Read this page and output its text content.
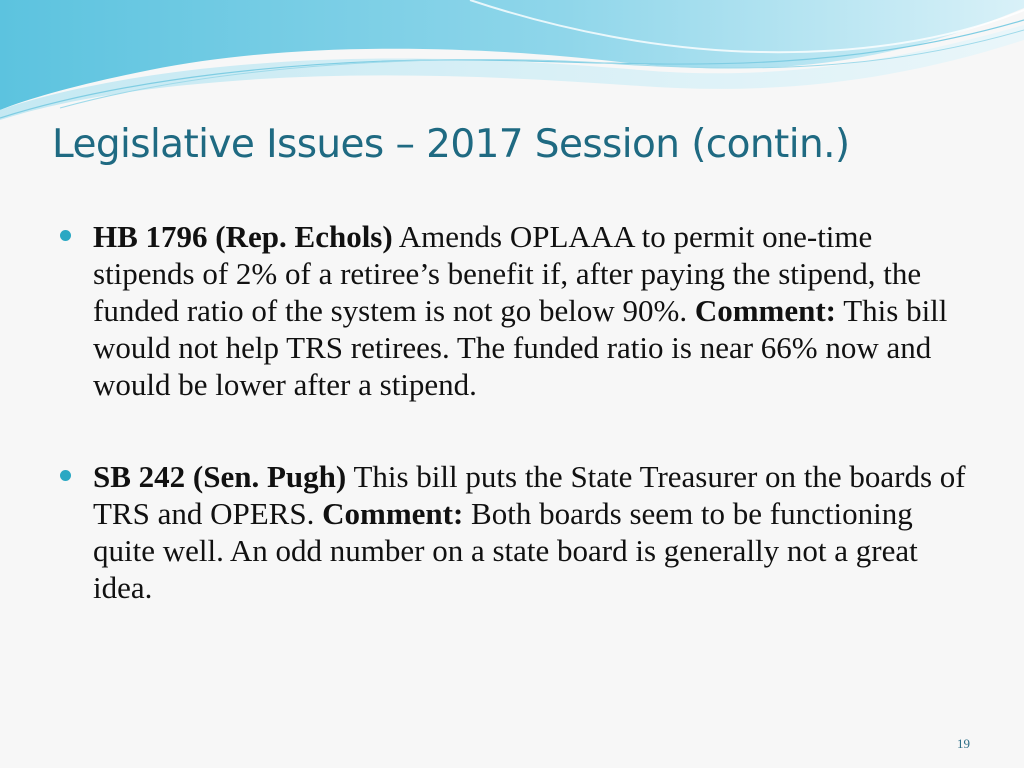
Legislative Issues – 2017 Session (contin.)
HB 1796 (Rep. Echols) Amends OPLAAA to permit one-time stipends of 2% of a retiree’s benefit if, after paying the stipend, the funded ratio of the system is not go below 90%. Comment: This bill would not help TRS retirees. The funded ratio is near 66% now and would be lower after a stipend.
SB 242 (Sen. Pugh) This bill puts the State Treasurer on the boards of TRS and OPERS. Comment: Both boards seem to be functioning quite well. An odd number on a state board is generally not a great idea.
19
